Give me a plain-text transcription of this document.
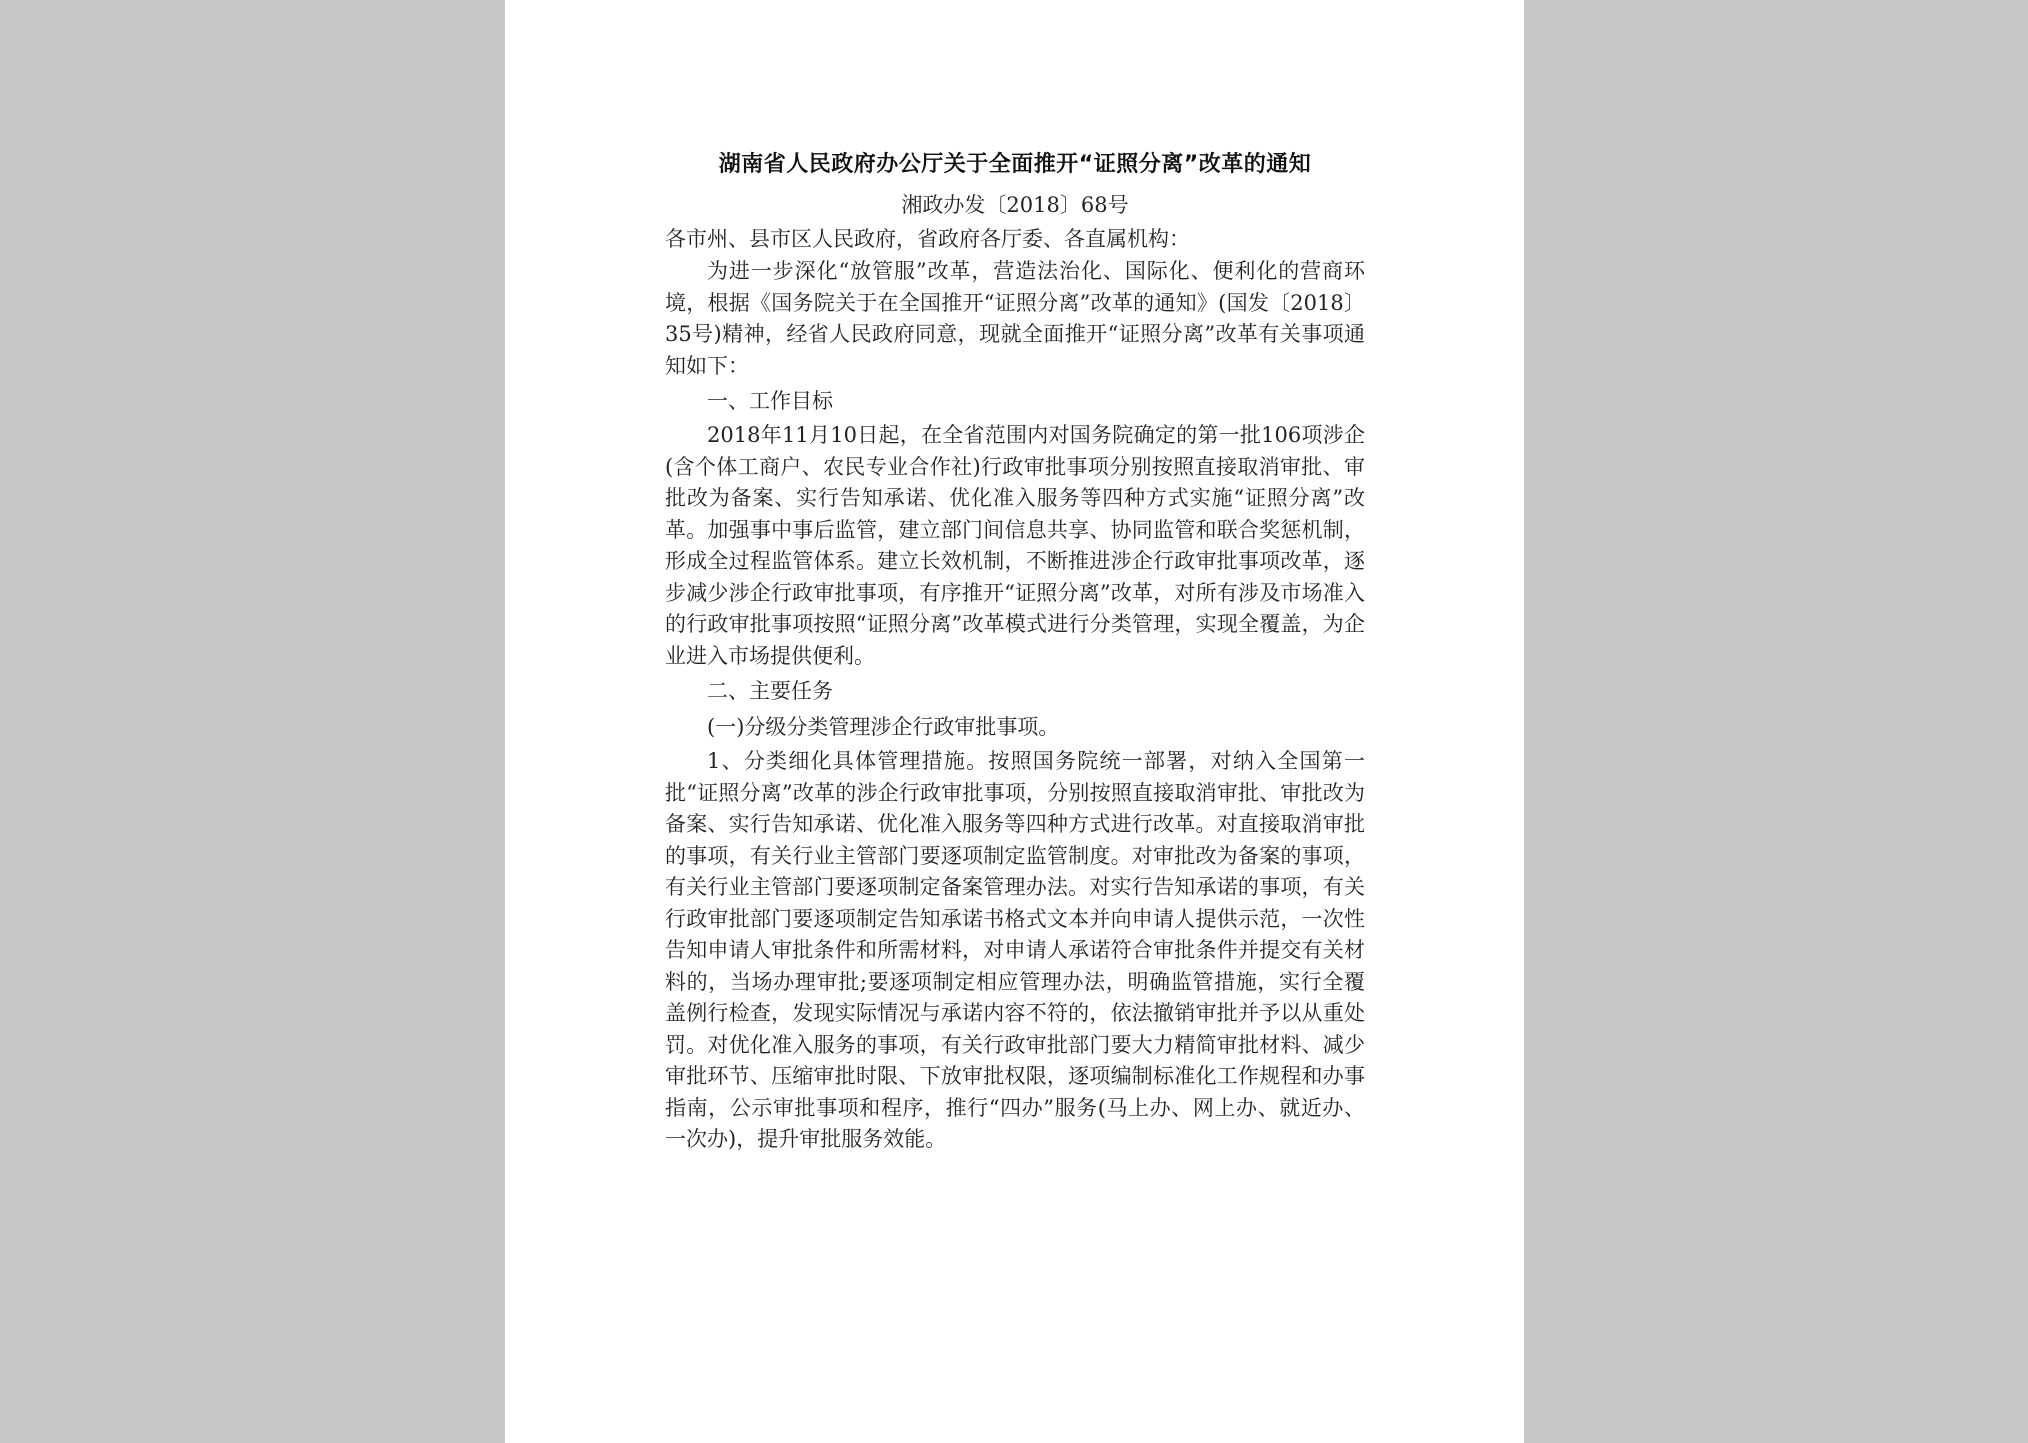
湖南省人民政府办公厅关于全面推开“证照分离”改革的通知
湘政办发〔2018〕68号

各市州、县市区人民政府，省政府各厅委、各直属机构：

为进一步深化“放管服”改革，营造法治化、国际化、便利化的营商环境，根据《国务院关于在全国推开“证照分离”改革的通知》(国发〔2018〕35号)精神，经省人民政府同意，现就全面推开“证照分离”改革有关事项通知如下：

一、工作目标

2018年11月10日起，在全省范围内对国务院确定的第一批106项涉企(含个体工商户、农民专业合作社)行政审批事项分别按照直接取消审批、审批改为备案、实行告知承诺、优化准入服务等四种方式实施“证照分离”改革。加强事中事后监管，建立部门间信息共享、协同监管和联合奖惩机制，形成全过程监管体系。建立长效机制，不断推进涉企行政审批事项改革，逐步减少涉企行政审批事项，有序推开“证照分离”改革，对所有涉及市场准入的行政审批事项按照“证照分离”改革模式进行分类管理，实现全覆盖，为企业进入市场提供便利。

二、主要任务

(一)分级分类管理涉企行政审批事项。

1、分类细化具体管理措施。按照国务院统一部署，对纳入全国第一批“证照分离”改革的涉企行政审批事项，分别按照直接取消审批、审批改为备案、实行告知承诺、优化准入服务等四种方式进行改革。对直接取消审批的事项，有关行业主管部门要逐项制定监管制度。对审批改为备案的事项，有关行业主管部门要逐项制定备案管理办法。对实行告知承诺的事项，有关行政审批部门要逐项制定告知承诺书格式文本并向申请人提供示范，一次性告知申请人审批条件和所需材料，对申请人承诺符合审批条件并提交有关材料的，当场办理审批;要逐项制定相应管理办法，明确监管措施，实行全覆盖例行检查，发现实际情况与承诺内容不符的，依法撤销审批并予以从重处罚。对优化准入服务的事项，有关行政审批部门要大力精简审批材料、减少审批环节、压缩审批时限、下放审批权限，逐项编制标准化工作规程和办事指南，公示审批事项和程序，推行“四办”服务(马上办、网上办、就近办、一次办)，提升审批服务效能。
